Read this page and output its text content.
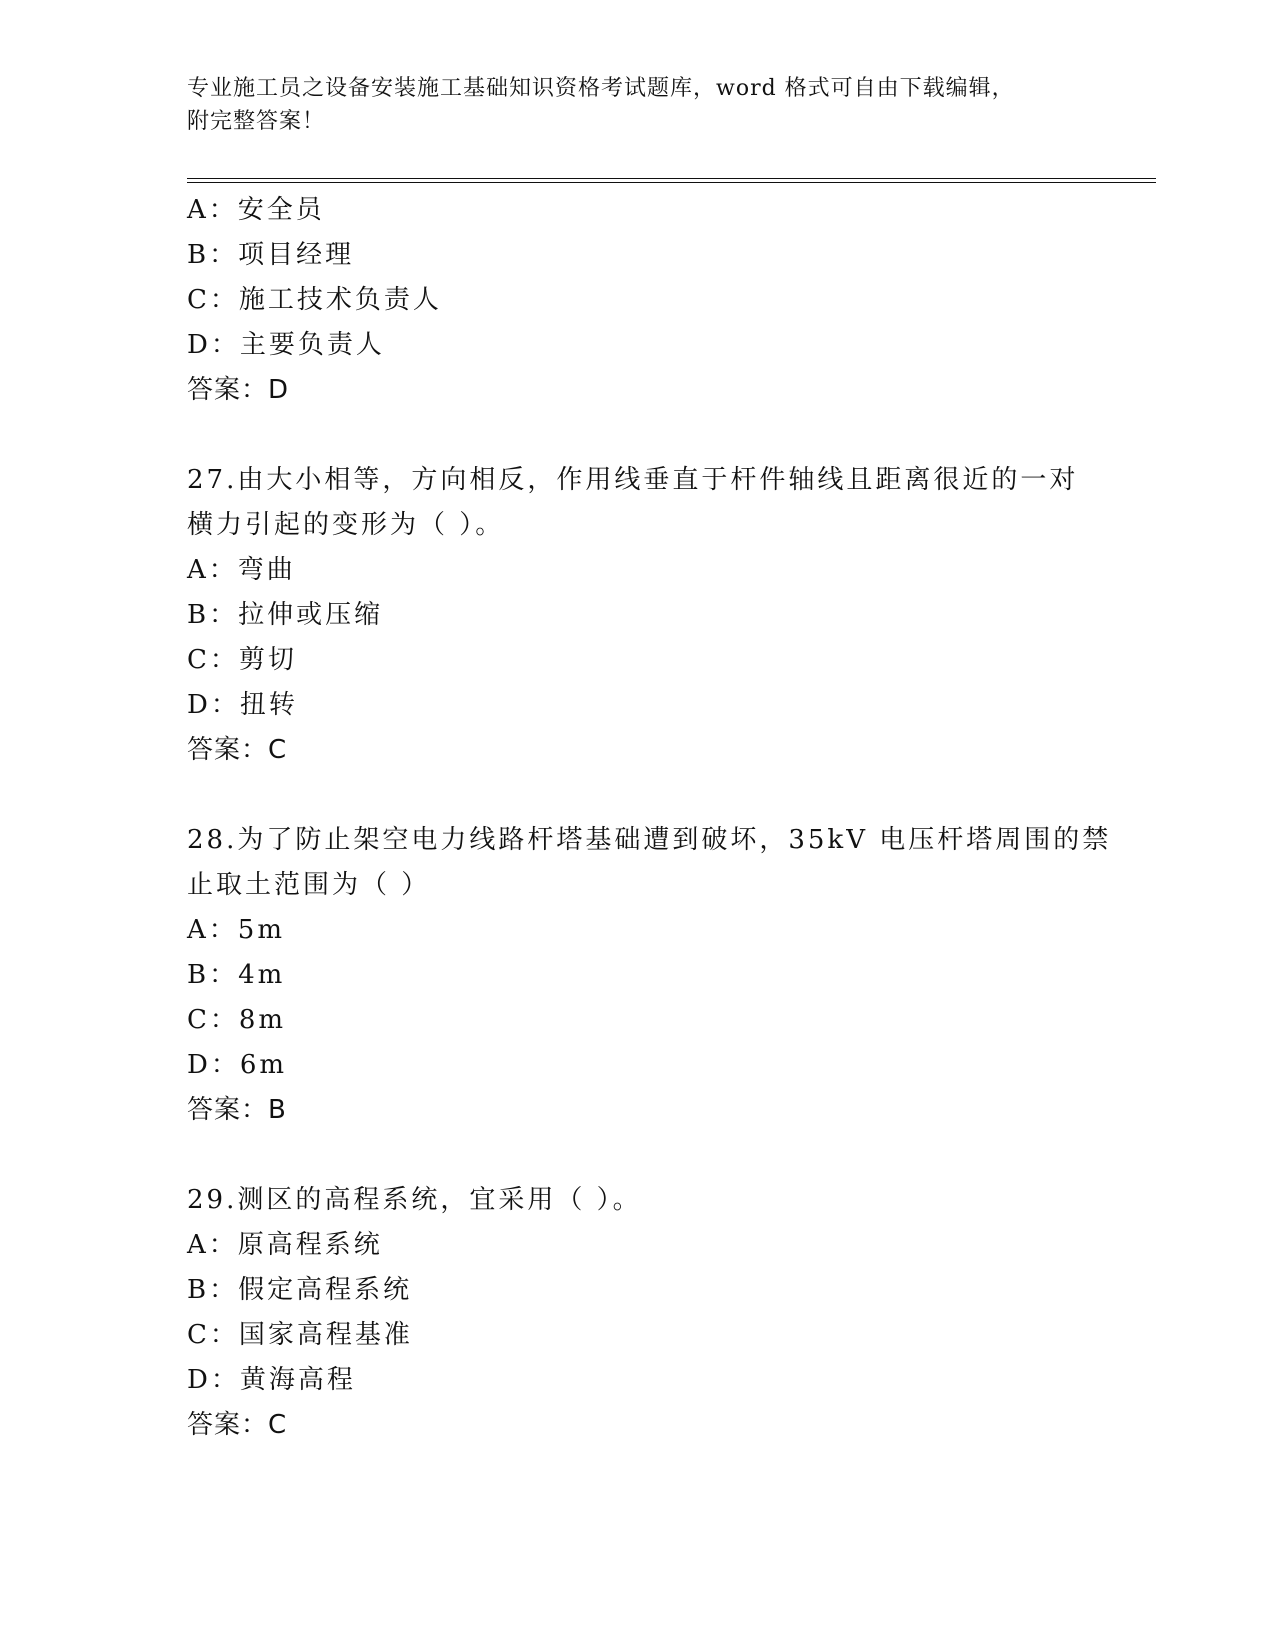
专业施工员之设备安装施工基础知识资格考试题库，word 格式可自由下载编辑，
附完整答案！
A：安全员
B：项目经理
C：施工技术负责人
D：主要负责人
答案：D
27.由大小相等，方向相反，作用线垂直于杆件轴线且距离很近的一对
横力引起的变形为（ ）。
A：弯曲
B：拉伸或压缩
C：剪切
D：扭转
答案：C
28.为了防止架空电力线路杆塔基础遭到破坏，35kV 电压杆塔周围的禁
止取土范围为（ ）
A：5m
B：4m
C：8m
D：6m
答案：B
29.测区的高程系统，宜采用（ ）。
A：原高程系统
B：假定高程系统
C：国家高程基准
D：黄海高程
答案：C
